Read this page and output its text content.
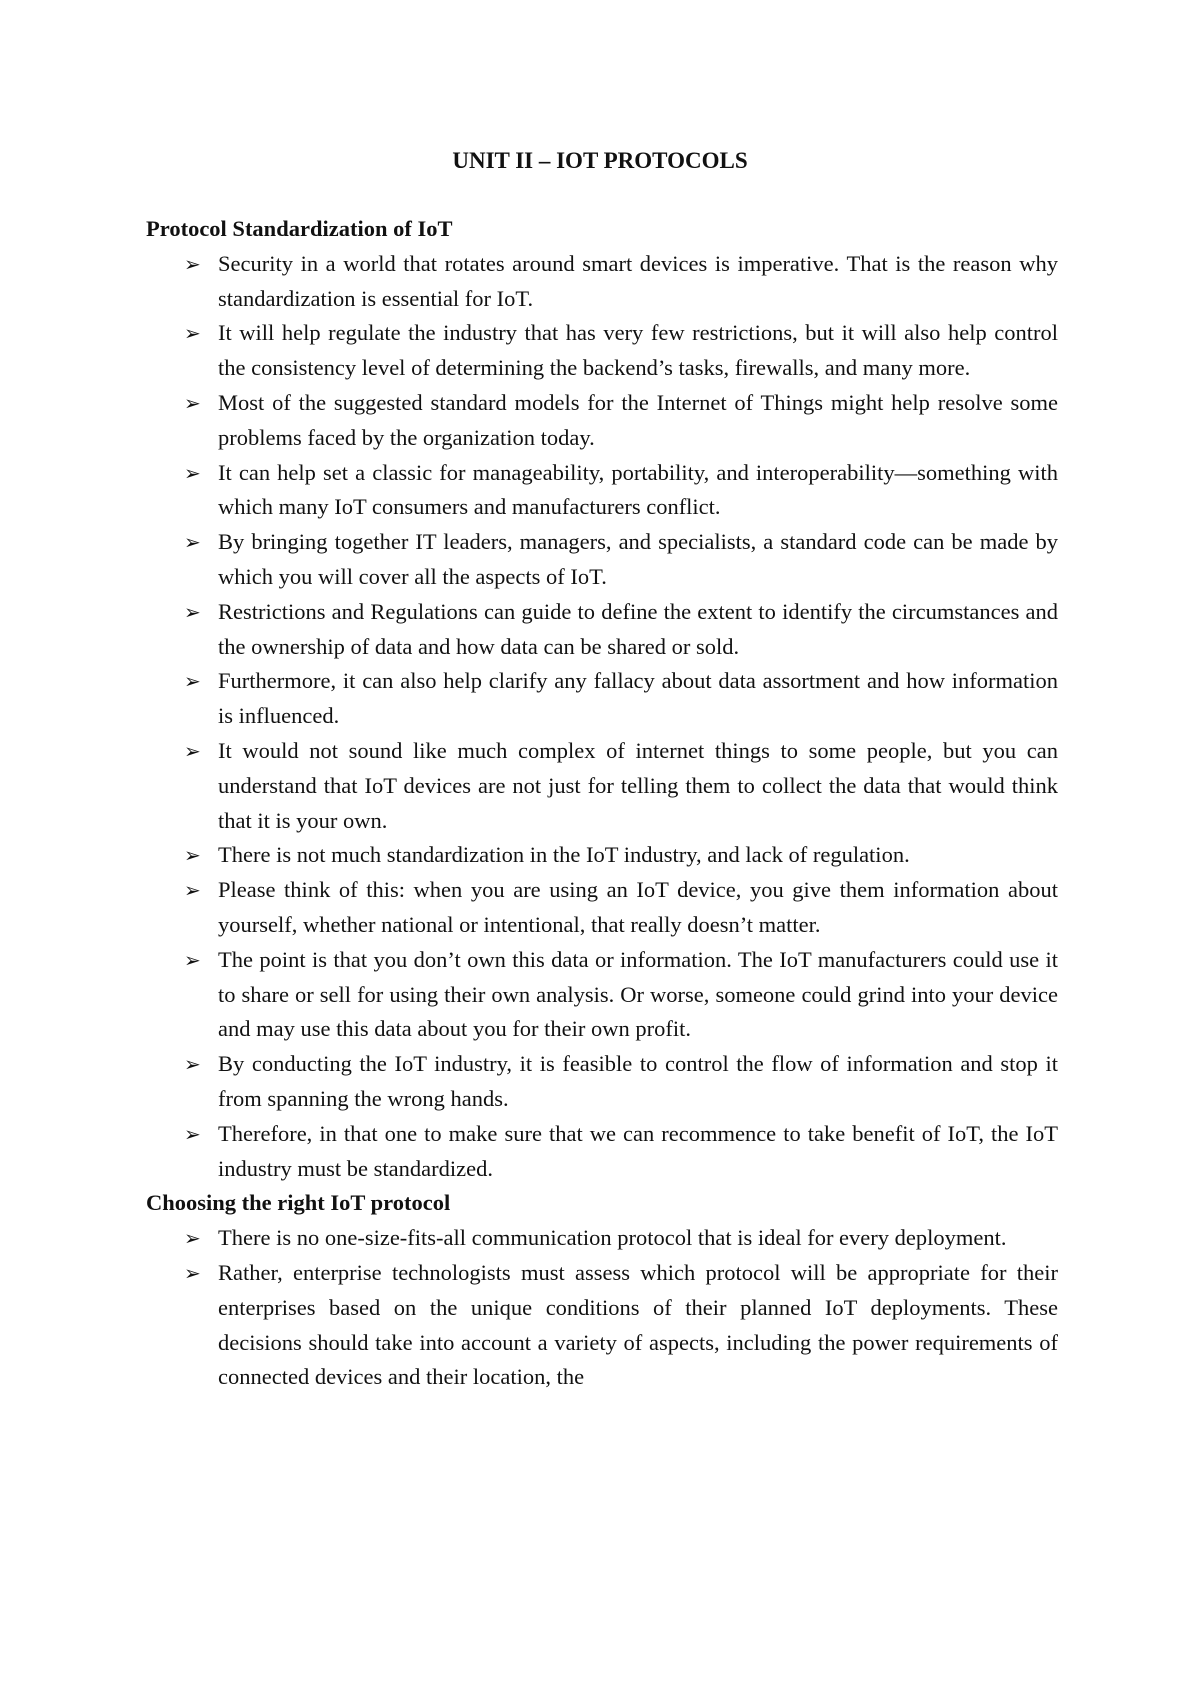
UNIT II – IOT PROTOCOLS
Protocol Standardization of IoT
➢ Security in a world that rotates around smart devices is imperative. That is the reason why standardization is essential for IoT.
➢ It will help regulate the industry that has very few restrictions, but it will also help control the consistency level of determining the backend’s tasks, firewalls, and many more.
➢ Most of the suggested standard models for the Internet of Things might help resolve some problems faced by the organization today.
➢ It can help set a classic for manageability, portability, and interoperability—something with which many IoT consumers and manufacturers conflict.
➢ By bringing together IT leaders, managers, and specialists, a standard code can be made by which you will cover all the aspects of IoT.
➢ Restrictions and Regulations can guide to define the extent to identify the circumstances and the ownership of data and how data can be shared or sold.
➢ Furthermore, it can also help clarify any fallacy about data assortment and how information is influenced.
➢ It would not sound like much complex of internet things to some people, but you can understand that IoT devices are not just for telling them to collect the data that would think that it is your own.
➢ There is not much standardization in the IoT industry, and lack of regulation.
➢ Please think of this: when you are using an IoT device, you give them information about yourself, whether national or intentional, that really doesn’t matter.
➢ The point is that you don’t own this data or information. The IoT manufacturers could use it to share or sell for using their own analysis. Or worse, someone could grind into your device and may use this data about you for their own profit.
➢ By conducting the IoT industry, it is feasible to control the flow of information and stop it from spanning the wrong hands.
➢ Therefore, in that one to make sure that we can recommence to take benefit of IoT, the IoT industry must be standardized.
Choosing the right IoT protocol
➢ There is no one-size-fits-all communication protocol that is ideal for every deployment.
➢ Rather, enterprise technologists must assess which protocol will be appropriate for their enterprises based on the unique conditions of their planned IoT deployments. These decisions should take into account a variety of aspects, including the power requirements of connected devices and their location, the
